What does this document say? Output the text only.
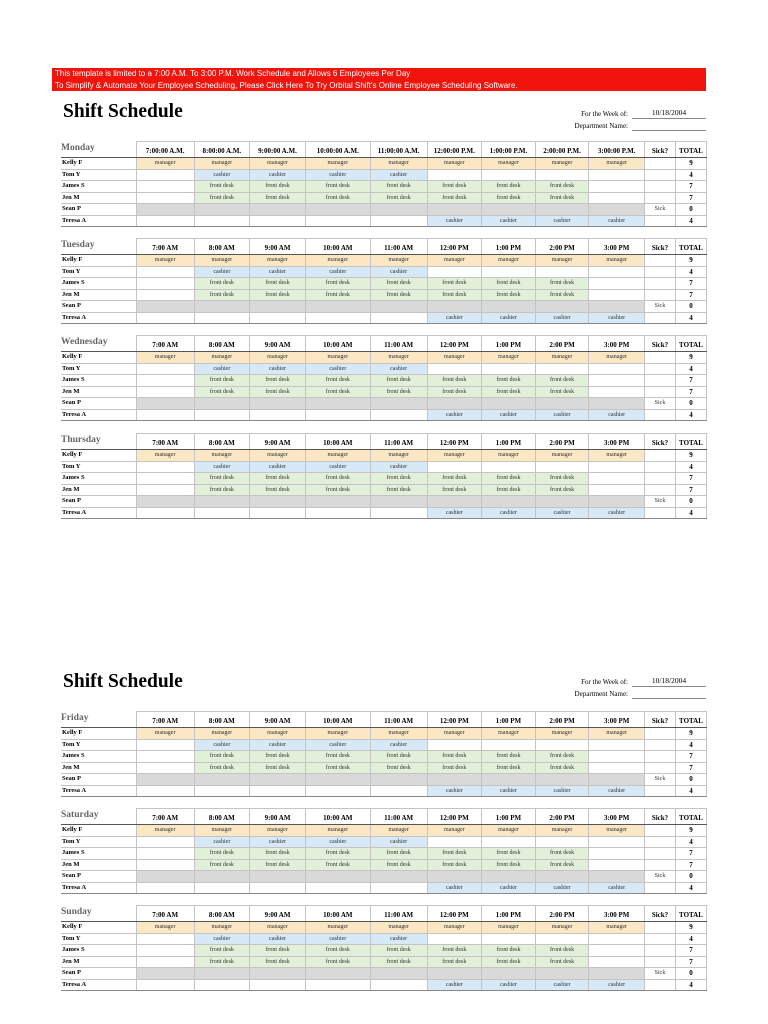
This template is limited to a 7:00 A.M. To 3:00 P.M. Work Schedule and Allows 6 Employees Per Day
To Simplify & Automate Your Employee Scheduling, Please Click Here To Try Orbital Shift's Online Employee Scheduling Software.
Shift Schedule	For the Week of:	10/18/2004
Department Name:
Shift Schedule	For the Week of:	10/18/2004
Department Name:
Monday	7:00:00 A.M.	8:00:00 A.M.	9:00:00 A.M.	10:00:00 A.M.	11:00:00 A.M.	12:00:00 P.M.	1:00:00 P.M.	2:00:00 P.M.	3:00:00 P.M.	Sick?	TOTAL
Kelly F	manager	manager	manager	manager	manager	manager	manager	manager	manager		9
Tom Y		cashier	cashier	cashier	cashier						4
James S		front desk	front desk	front desk	front desk	front desk	front desk	front desk			7
Jen M		front desk	front desk	front desk	front desk	front desk	front desk	front desk			7
Sean P										Sick	0
Teresa A						cashier	cashier	cashier	cashier		4
Tuesday	7:00 AM	8:00 AM	9:00 AM	10:00 AM	11:00 AM	12:00 PM	1:00 PM	2:00 PM	3:00 PM	Sick?	TOTAL
Kelly F	manager	manager	manager	manager	manager	manager	manager	manager	manager		9
Tom Y		cashier	cashier	cashier	cashier						4
James S		front desk	front desk	front desk	front desk	front desk	front desk	front desk			7
Jen M		front desk	front desk	front desk	front desk	front desk	front desk	front desk			7
Sean P										Sick	0
Teresa A						cashier	cashier	cashier	cashier		4
Wednesday	7:00 AM	8:00 AM	9:00 AM	10:00 AM	11:00 AM	12:00 PM	1:00 PM	2:00 PM	3:00 PM	Sick?	TOTAL
Kelly F	manager	manager	manager	manager	manager	manager	manager	manager	manager		9
Tom Y		cashier	cashier	cashier	cashier						4
James S		front desk	front desk	front desk	front desk	front desk	front desk	front desk			7
Jen M		front desk	front desk	front desk	front desk	front desk	front desk	front desk			7
Sean P										Sick	0
Teresa A						cashier	cashier	cashier	cashier		4
Thursday	7:00 AM	8:00 AM	9:00 AM	10:00 AM	11:00 AM	12:00 PM	1:00 PM	2:00 PM	3:00 PM	Sick?	TOTAL
Kelly F	manager	manager	manager	manager	manager	manager	manager	manager	manager		9
Tom Y		cashier	cashier	cashier	cashier						4
James S		front desk	front desk	front desk	front desk	front desk	front desk	front desk			7
Jen M		front desk	front desk	front desk	front desk	front desk	front desk	front desk			7
Sean P										Sick	0
Teresa A						cashier	cashier	cashier	cashier		4
Friday	7:00 AM	8:00 AM	9:00 AM	10:00 AM	11:00 AM	12:00 PM	1:00 PM	2:00 PM	3:00 PM	Sick?	TOTAL
Kelly F	manager	manager	manager	manager	manager	manager	manager	manager	manager		9
Tom Y		cashier	cashier	cashier	cashier						4
James S		front desk	front desk	front desk	front desk	front desk	front desk	front desk			7
Jen M		front desk	front desk	front desk	front desk	front desk	front desk	front desk			7
Sean P										Sick	0
Teresa A						cashier	cashier	cashier	cashier		4
Saturday	7:00 AM	8:00 AM	9:00 AM	10:00 AM	11:00 AM	12:00 PM	1:00 PM	2:00 PM	3:00 PM	Sick?	TOTAL
Kelly F	manager	manager	manager	manager	manager	manager	manager	manager	manager		9
Tom Y		cashier	cashier	cashier	cashier						4
James S		front desk	front desk	front desk	front desk	front desk	front desk	front desk			7
Jen M		front desk	front desk	front desk	front desk	front desk	front desk	front desk			7
Sean P										Sick	0
Teresa A						cashier	cashier	cashier	cashier		4
Sunday	7:00 AM	8:00 AM	9:00 AM	10:00 AM	11:00 AM	12:00 PM	1:00 PM	2:00 PM	3:00 PM	Sick?	TOTAL
Kelly F	manager	manager	manager	manager	manager	manager	manager	manager	manager		9
Tom Y		cashier	cashier	cashier	cashier						4
James S		front desk	front desk	front desk	front desk	front desk	front desk	front desk			7
Jen M		front desk	front desk	front desk	front desk	front desk	front desk	front desk			7
Sean P										Sick	0
Teresa A						cashier	cashier	cashier	cashier		4
